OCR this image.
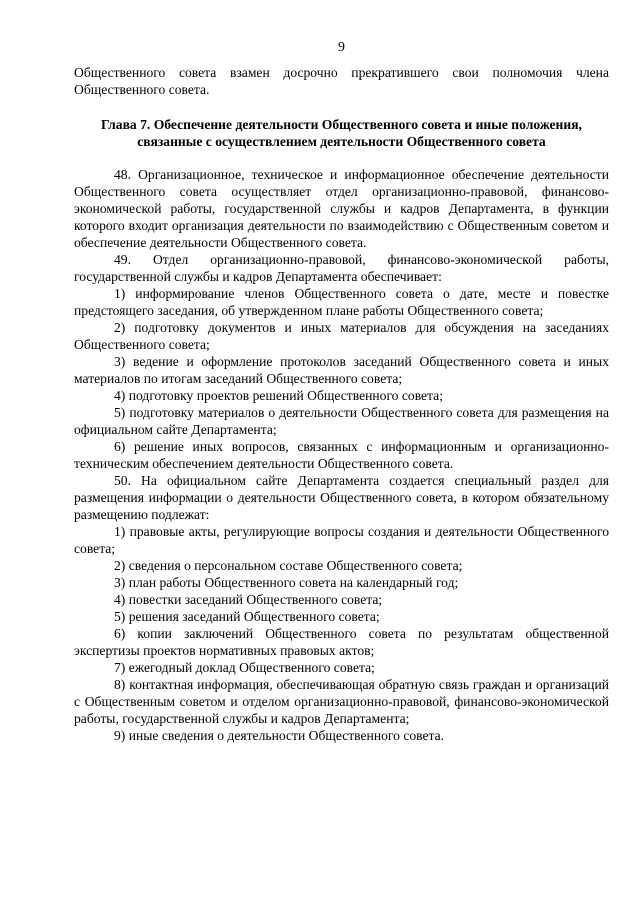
9

Общественного совета взамен досрочно прекратившего свои полномочия члена Общественного совета.

Глава 7. Обеспечение деятельности Общественного совета и иные положения, связанные с осуществлением деятельности Общественного совета

48. Организационное, техническое и информационное обеспечение деятельности Общественного совета осуществляет отдел организационно-правовой, финансово-экономической работы, государственной службы и кадров Департамента, в функции которого входит организация деятельности по взаимодействию с Общественным советом и обеспечение деятельности Общественного совета.

49. Отдел организационно-правовой, финансово-экономической работы, государственной службы и кадров Департамента обеспечивает:

1) информирование членов Общественного совета о дате, месте и повестке предстоящего заседания, об утвержденном плане работы Общественного совета;

2) подготовку документов и иных материалов для обсуждения на заседаниях Общественного совета;

3) ведение и оформление протоколов заседаний Общественного совета и иных материалов по итогам заседаний Общественного совета;

4) подготовку проектов решений Общественного совета;

5) подготовку материалов о деятельности Общественного совета для размещения на официальном сайте Департамента;

6) решение иных вопросов, связанных с информационным и организационно-техническим обеспечением деятельности Общественного совета.

50. На официальном сайте Департамента создается специальный раздел для размещения информации о деятельности Общественного совета, в котором обязательному размещению подлежат:

1) правовые акты, регулирующие вопросы создания и деятельности Общественного совета;

2) сведения о персональном составе Общественного совета;

3) план работы Общественного совета на календарный год;

4) повестки заседаний Общественного совета;

5) решения заседаний Общественного совета;

6) копии заключений Общественного совета по результатам общественной экспертизы проектов нормативных правовых актов;

7) ежегодный доклад Общественного совета;

8) контактная информация, обеспечивающая обратную связь граждан и организаций с Общественным советом и отделом организационно-правовой, финансово-экономической работы, государственной службы и кадров Департамента;

9) иные сведения о деятельности Общественного совета.
